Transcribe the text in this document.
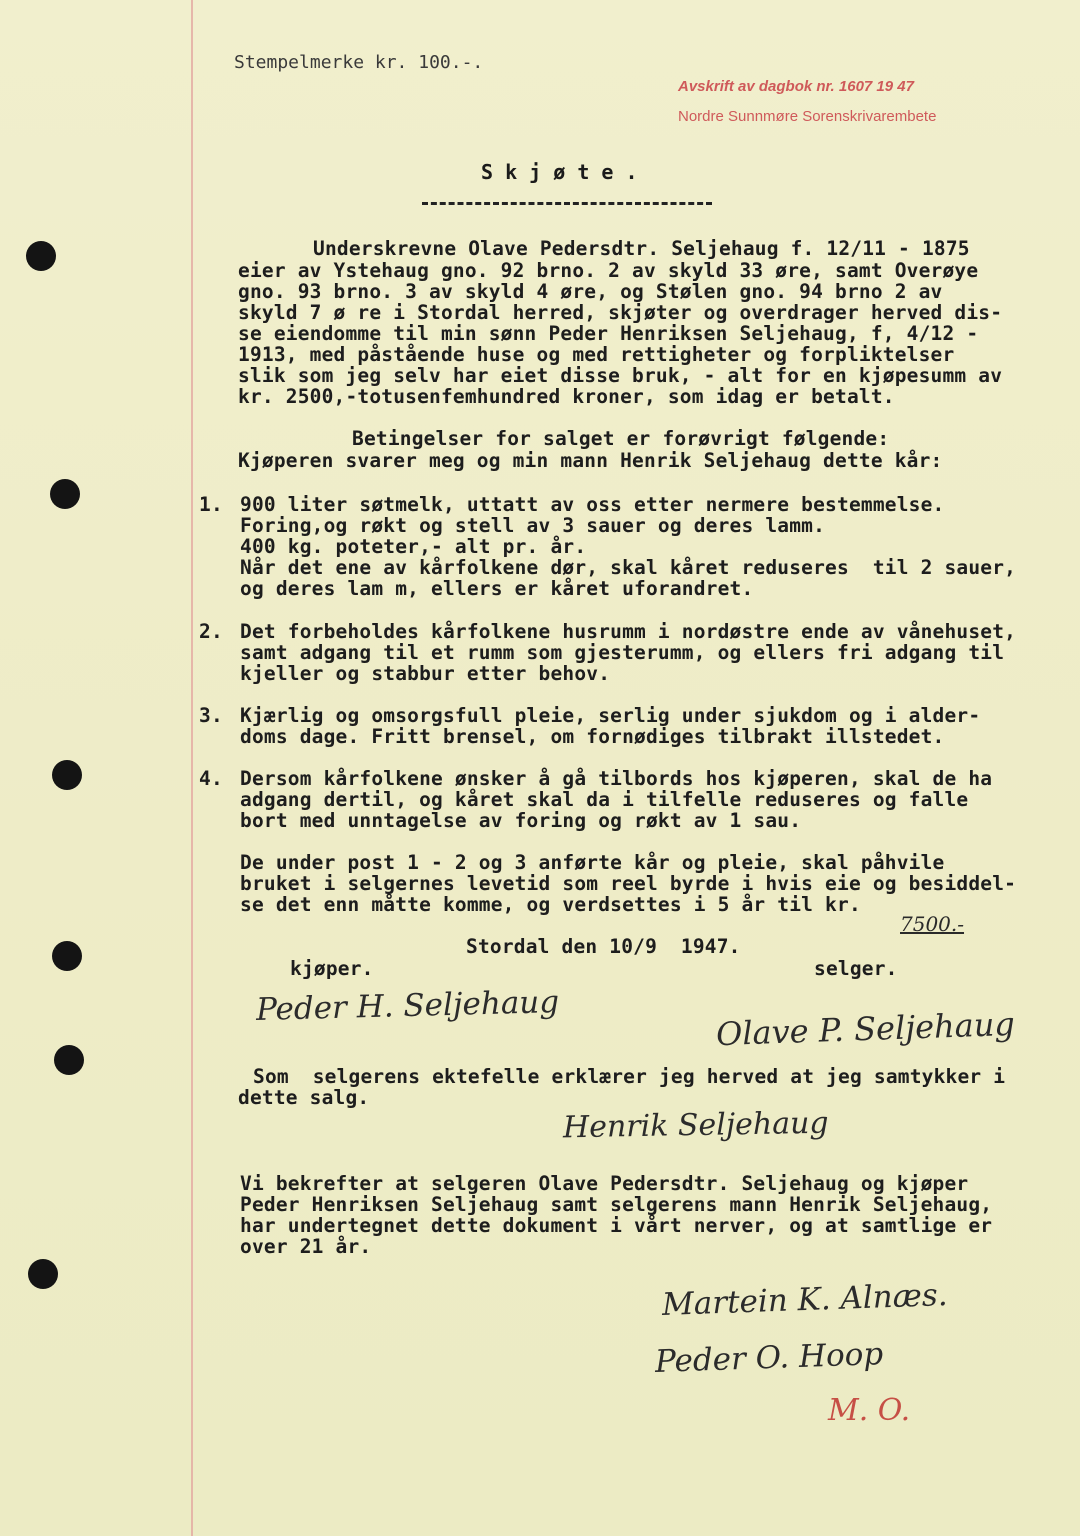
Stempelmerke kr. 100.-.
Avskrift av dagbok nr. 1607 19 47
Nordre Sunnmøre Sorenskrivarembete
S k j ø t e .
Underskrevne Olave Pedersdtr. Seljehaug f. 12/11 - 1875
eier av Ystehaug gno. 92 brno. 2 av skyld 33 øre, samt Overøye
gno. 93 brno. 3 av skyld 4 øre, og Stølen gno. 94 brno 2 av
skyld 7 ø re i Stordal herred, skjøter og overdrager herved dis-
se eiendomme til min sønn Peder Henriksen Seljehaug, f, 4/12 -
1913, med påstående huse og med rettigheter og forpliktelser
slik som jeg selv har eiet disse bruk, - alt for en kjøpesumm av
kr. 2500,-totusenfemhundred kroner, som idag er betalt.
Betingelser for salget er forøvrigt følgende:
Kjøperen svarer meg og min mann Henrik Seljehaug dette kår:
1. 900 liter søtmelk, uttatt av oss etter nermere bestemmelse.
Foring,og røkt og stell av 3 sauer og deres lamm.
400 kg. poteter,- alt pr. år.
Når det ene av kårfolkene dør, skal kåret reduseres  til 2 sauer,
og deres lam m, ellers er kåret uforandret.
2. Det forbeholdes kårfolkene husrumm i nordøstre ende av vånehuset,
samt adgang til et rumm som gjesterumm, og ellers fri adgang til
kjeller og stabbur etter behov.
3. Kjærlig og omsorgsfull pleie, serlig under sjukdom og i alder-
doms dage. Fritt brensel, om fornødiges tilbrakt illstedet.
4. Dersom kårfolkene ønsker å gå tilbords hos kjøperen, skal de ha
adgang dertil, og kåret skal da i tilfelle reduseres og falle
bort med unntagelse av foring og røkt av 1 sau.
De under post 1 - 2 og 3 anførte kår og pleie, skal påhvile
bruket i selgernes levetid som reel byrde i hvis eie og besiddel-
se det enn måtte komme, og verdsettes i 5 år til kr.
7500.-
Stordal den 10/9  1947.
kjøper.	selger.
Peder H. Seljehaug	Olave P. Seljehaug
Som  selgerens ektefelle erklærer jeg herved at jeg samtykker i
dette salg.
Henrik Seljehaug
Vi bekrefter at selgeren Olave Pedersdtr. Seljehaug og kjøper
Peder Henriksen Seljehaug samt selgerens mann Henrik Seljehaug,
har undertegnet dette dokument i vårt nerver, og at samtlige er
over 21 år.
Martein K. Alnæs.
Peder O. Hoop
M. O.
